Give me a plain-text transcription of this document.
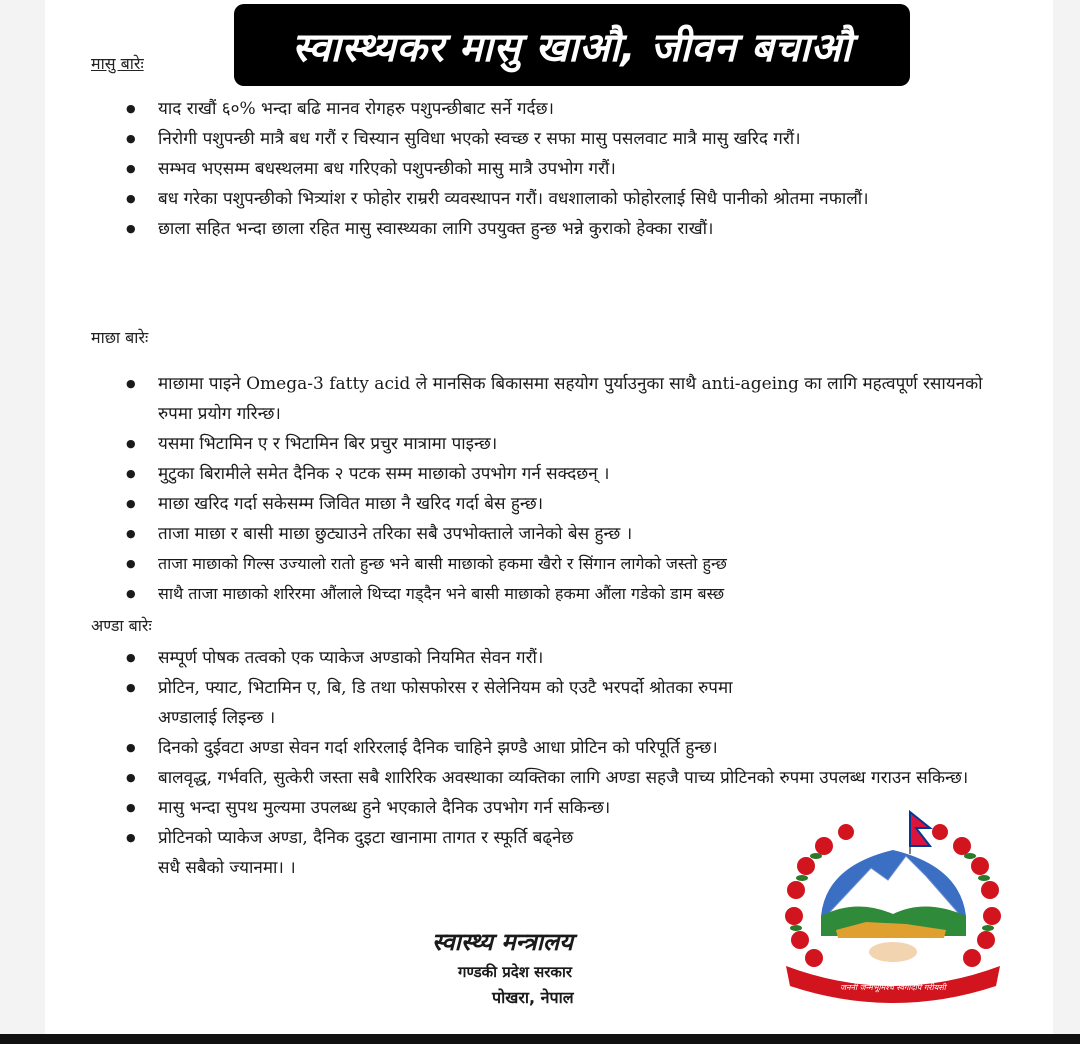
स्वास्थ्यकर मासु खाऔ, जीवन बचाऔ
मासु बारेः
● याद राखौं ६०% भन्दा बढि मानव रोगहरु पशुपन्छीबाट सर्ने गर्दछ।
● निरोगी पशुपन्छी मात्रै बध गरौं र चिस्यान सुविधा भएको स्वच्छ र सफा मासु पसलवाट मात्रै मासु खरिद गरौं।
● सम्भव भएसम्म बधस्थलमा बध गरिएको पशुपन्छीको मासु मात्रै उपभोग गरौं।
● बध गरेका पशुपन्छीको भित्र्यांश र फोहोर राम्ररी व्यवस्थापन गरौं। वधशालाको फोहोरलाई सिधै पानीको श्रोतमा नफालौं।
● छाला सहित भन्दा छाला रहित मासु स्वास्थ्यका लागि उपयुक्त हुन्छ भन्ने कुराको हेक्का राखौं।
माछा बारेः
● माछामा पाइने Omega-3 fatty acid ले मानसिक बिकासमा सहयोग पुर्याउनुका साथै anti-ageing का लागि महत्वपूर्ण रसायनको रुपमा प्रयोग गरिन्छ।
● यसमा भिटामिन ए र भिटामिन बिर प्रचुर मात्रामा पाइन्छ।
● मुटुका बिरामीले समेत दैनिक २ पटक सम्म माछाको उपभोग गर्न सक्दछन् ।
● माछा खरिद गर्दा सकेसम्म जिवित माछा नै खरिद गर्दा बेस हुन्छ।
● ताजा माछा र बासी माछा छुट्याउने तरिका सबै उपभोक्ताले जानेको बेस हुन्छ ।
● ताजा माछाको गिल्स उज्यालो रातो हुन्छ भने बासी माछाको हकमा खैरो र सिंगान लागेको जस्तो हुन्छ
● साथै ताजा माछाको शरिरमा औंलाले थिच्दा गड्दैन भने बासी माछाको हकमा औंला गडेको डाम बस्छ
अण्डा बारेः
● सम्पूर्ण पोषक तत्वको एक प्याकेज अण्डाको नियमित सेवन गरौं।
● प्रोटिन, फ्याट, भिटामिन ए, बि, डि तथा फोसफोरस र सेलेनियम को एउटै भरपर्दो श्रोतका रुपमा अण्डालाई लिइन्छ ।
● दिनको दुईवटा अण्डा सेवन गर्दा शरिरलाई दैनिक चाहिने झण्डै आधा प्रोटिन को परिपूर्ति हुन्छ।
● बालवृद्ध, गर्भवति, सुत्केरी जस्ता सबै शारिरिक अवस्थाका व्यक्तिका लागि अण्डा सहजै पाच्य प्रोटिनको रुपमा उपलब्ध गराउन सकिन्छ।
● मासु भन्दा सुपथ मुल्यमा उपलब्ध हुने भएकाले दैनिक उपभोग गर्न सकिन्छ।
● प्रोटिनको प्याकेज अण्डा, दैनिक दुइटा खानामा तागत र स्फूर्ति बढ्नेछ सधै सबैको ज्यानमा। ।
स्वास्थ्य मन्त्रालय
गण्डकी प्रदेश सरकार
पोखरा, नेपाल
जननी जन्मभूमिश्च स्वर्गादपि गरीयसी
